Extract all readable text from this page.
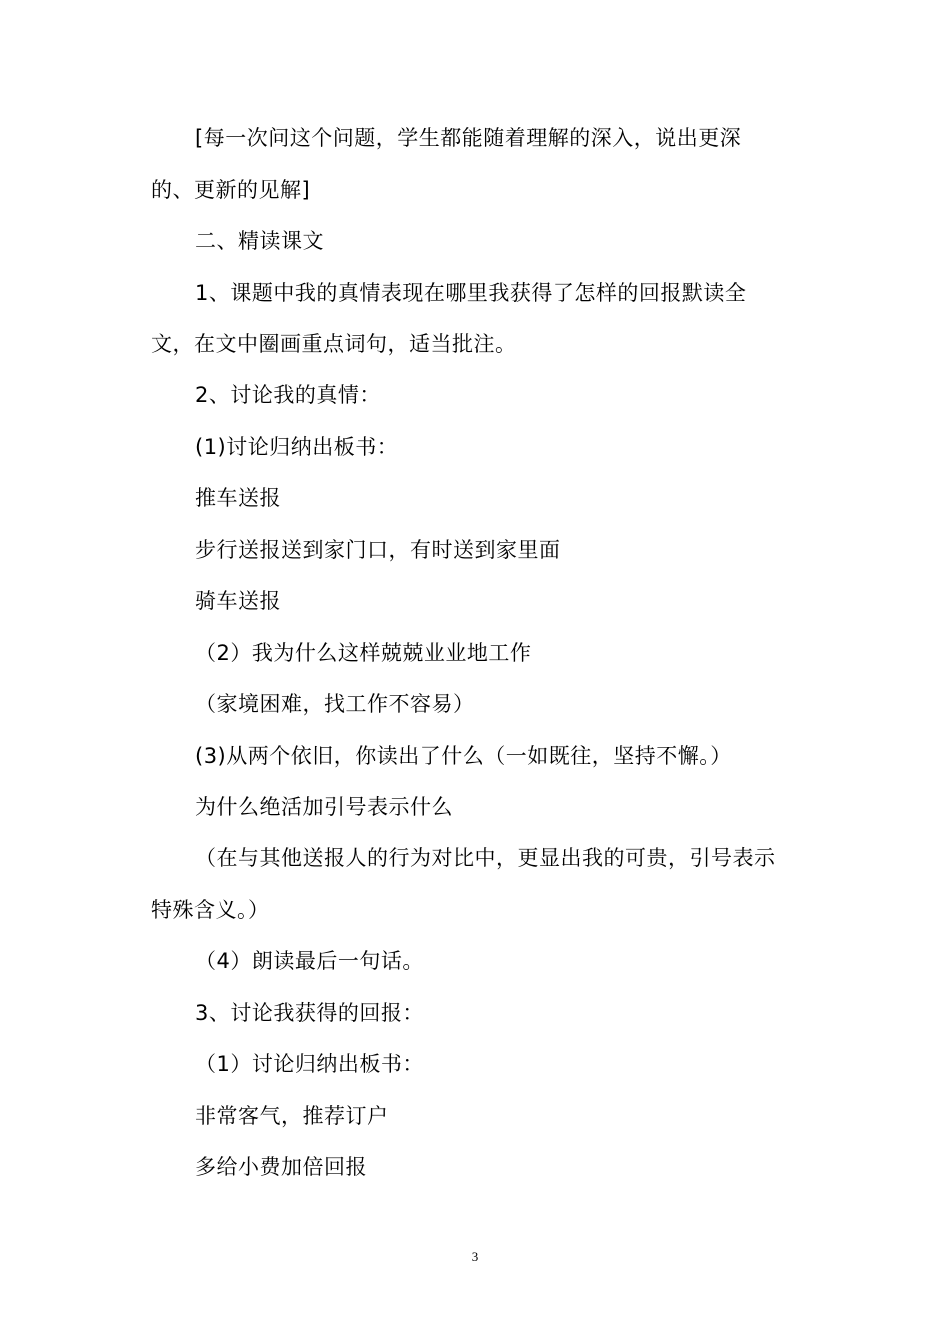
[每一次问这个问题，学生都能随着理解的深入，说出更深
的、更新的见解]
二、精读课文
1、课题中我的真情表现在哪里我获得了怎样的回报默读全
文，在文中圈画重点词句，适当批注。
2、讨论我的真情：
(1)讨论归纳出板书：
推车送报
步行送报送到家门口，有时送到家里面
骑车送报
（2）我为什么这样兢兢业业地工作
（家境困难，找工作不容易）
(3)从两个依旧，你读出了什么（一如既往，坚持不懈。）
为什么绝活加引号表示什么
（在与其他送报人的行为对比中，更显出我的可贵，引号表示
特殊含义。）
（4）朗读最后一句话。
3、讨论我获得的回报：
（1）讨论归纳出板书：
非常客气，推荐订户
多给小费加倍回报
3
